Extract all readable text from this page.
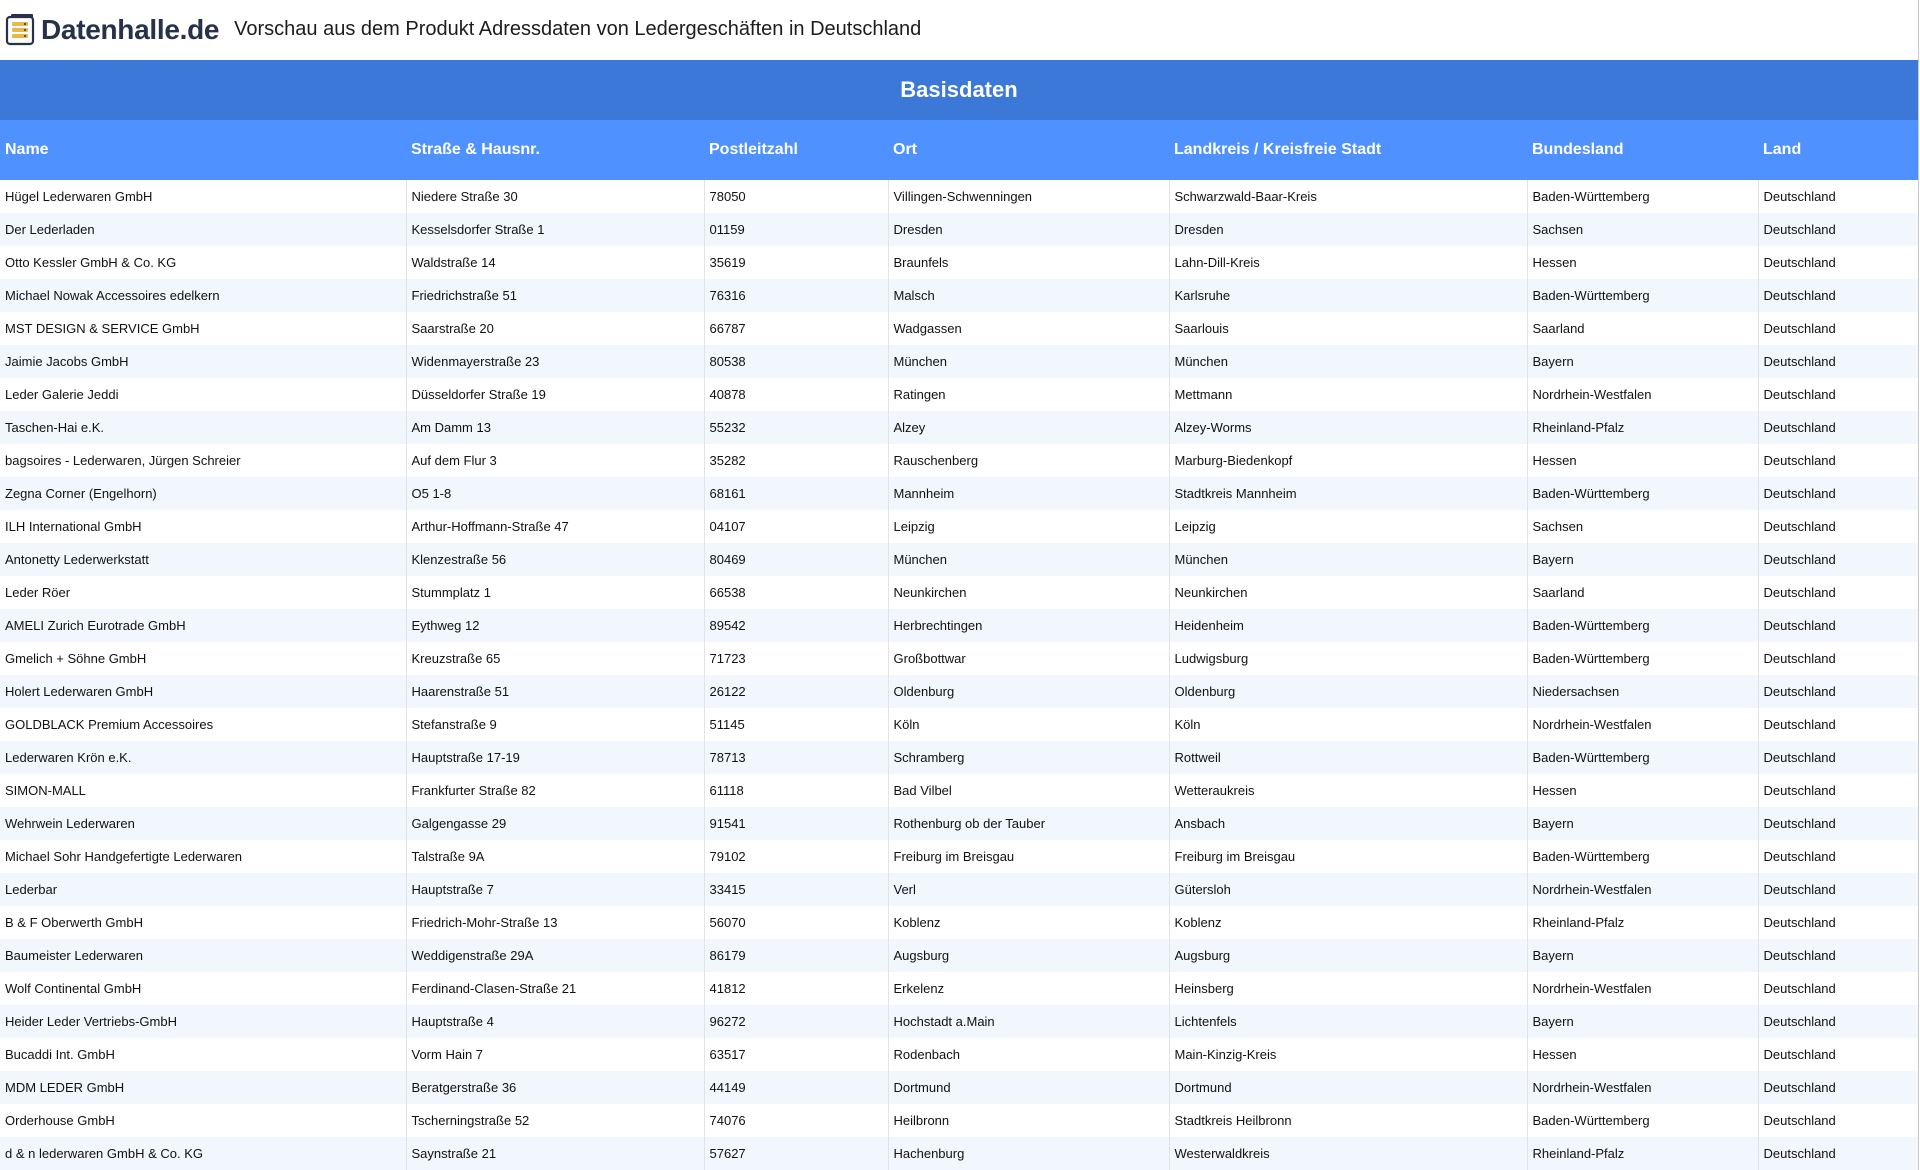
Datenhalle.de Vorschau aus dem Produkt Adressdaten von Ledergeschäften in Deutschland
Basisdaten
Name	Straße & Hausnr.	Postleitzahl	Ort	Landkreis / Kreisfreie Stadt	Bundesland	Land
Hügel Lederwaren GmbH	Niedere Straße 30	78050	Villingen-Schwenningen	Schwarzwald-Baar-Kreis	Baden-Württemberg	Deutschland
Der Lederladen	Kesselsdorfer Straße 1	01159	Dresden	Dresden	Sachsen	Deutschland
Otto Kessler GmbH & Co. KG	Waldstraße 14	35619	Braunfels	Lahn-Dill-Kreis	Hessen	Deutschland
Michael Nowak Accessoires edelkern	Friedrichstraße 51	76316	Malsch	Karlsruhe	Baden-Württemberg	Deutschland
MST DESIGN & SERVICE GmbH	Saarstraße 20	66787	Wadgassen	Saarlouis	Saarland	Deutschland
Jaimie Jacobs GmbH	Widenmayerstraße 23	80538	München	München	Bayern	Deutschland
Leder Galerie Jeddi	Düsseldorfer Straße 19	40878	Ratingen	Mettmann	Nordrhein-Westfalen	Deutschland
Taschen-Hai e.K.	Am Damm 13	55232	Alzey	Alzey-Worms	Rheinland-Pfalz	Deutschland
bagsoires - Lederwaren, Jürgen Schreier	Auf dem Flur 3	35282	Rauschenberg	Marburg-Biedenkopf	Hessen	Deutschland
Zegna Corner (Engelhorn)	O5 1-8	68161	Mannheim	Stadtkreis Mannheim	Baden-Württemberg	Deutschland
ILH International GmbH	Arthur-Hoffmann-Straße 47	04107	Leipzig	Leipzig	Sachsen	Deutschland
Antonetty Lederwerkstatt	Klenzestraße 56	80469	München	München	Bayern	Deutschland
Leder Röer	Stummplatz 1	66538	Neunkirchen	Neunkirchen	Saarland	Deutschland
AMELI Zurich Eurotrade GmbH	Eythweg 12	89542	Herbrechtingen	Heidenheim	Baden-Württemberg	Deutschland
Gmelich + Söhne GmbH	Kreuzstraße 65	71723	Großbottwar	Ludwigsburg	Baden-Württemberg	Deutschland
Holert Lederwaren GmbH	Haarenstraße 51	26122	Oldenburg	Oldenburg	Niedersachsen	Deutschland
GOLDBLACK Premium Accessoires	Stefanstraße 9	51145	Köln	Köln	Nordrhein-Westfalen	Deutschland
Lederwaren Krön e.K.	Hauptstraße 17-19	78713	Schramberg	Rottweil	Baden-Württemberg	Deutschland
SIMON-MALL	Frankfurter Straße 82	61118	Bad Vilbel	Wetteraukreis	Hessen	Deutschland
Wehrwein Lederwaren	Galgengasse 29	91541	Rothenburg ob der Tauber	Ansbach	Bayern	Deutschland
Michael Sohr Handgefertigte Lederwaren	Talstraße 9A	79102	Freiburg im Breisgau	Freiburg im Breisgau	Baden-Württemberg	Deutschland
Lederbar	Hauptstraße 7	33415	Verl	Gütersloh	Nordrhein-Westfalen	Deutschland
B & F Oberwerth GmbH	Friedrich-Mohr-Straße 13	56070	Koblenz	Koblenz	Rheinland-Pfalz	Deutschland
Baumeister Lederwaren	Weddigenstraße 29A	86179	Augsburg	Augsburg	Bayern	Deutschland
Wolf Continental GmbH	Ferdinand-Clasen-Straße 21	41812	Erkelenz	Heinsberg	Nordrhein-Westfalen	Deutschland
Heider Leder Vertriebs-GmbH	Hauptstraße 4	96272	Hochstadt a.Main	Lichtenfels	Bayern	Deutschland
Bucaddi Int. GmbH	Vorm Hain 7	63517	Rodenbach	Main-Kinzig-Kreis	Hessen	Deutschland
MDM LEDER GmbH	Beratgerstraße 36	44149	Dortmund	Dortmund	Nordrhein-Westfalen	Deutschland
Orderhouse GmbH	Tscherningstraße 52	74076	Heilbronn	Stadtkreis Heilbronn	Baden-Württemberg	Deutschland
d & n lederwaren GmbH & Co. KG	Saynstraße 21	57627	Hachenburg	Westerwaldkreis	Rheinland-Pfalz	Deutschland
